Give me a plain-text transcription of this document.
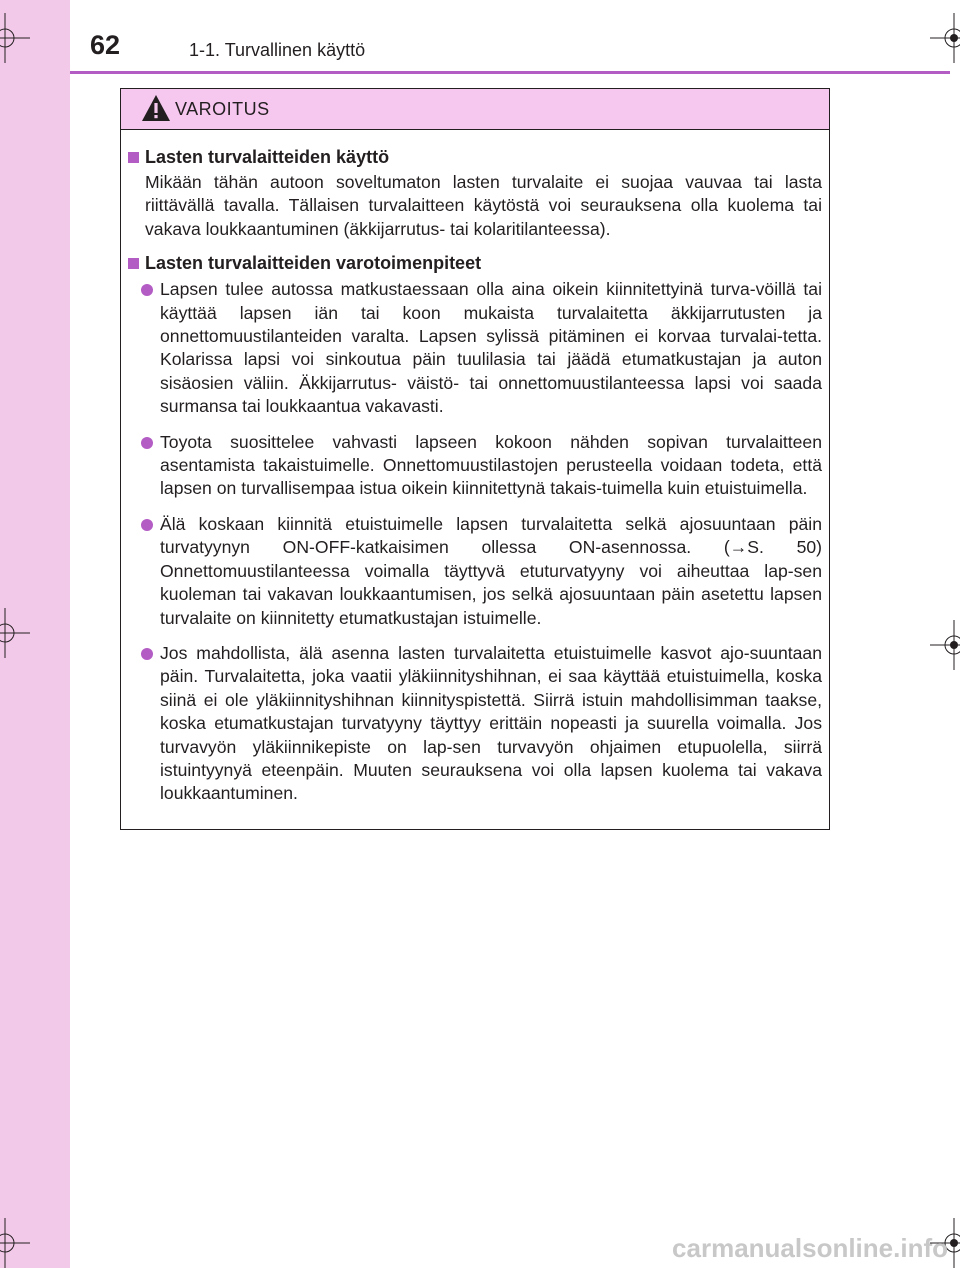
62	1-1. Turvallinen käyttö
VAROITUS

Lasten turvalaitteiden käyttö

Mikään tähän autoon soveltumaton lasten turvalaite ei suojaa vauvaa tai lasta riittävällä tavalla. Tällaisen turvalaitteen käytöstä voi seurauksena olla kuolema tai vakava loukkaantuminen (äkkijarrutus- tai kolaritilanteessa).

Lasten turvalaitteiden varotoimenpiteet

Lapsen tulee autossa matkustaessaan olla aina oikein kiinnitettyinä turva-vöillä tai käyttää lapsen iän tai koon mukaista turvalaitetta äkkijarrutusten ja onnettomuustilanteiden varalta. Lapsen sylissä pitäminen ei korvaa turvalai-tetta. Kolarissa lapsi voi sinkoutua päin tuulilasia tai jäädä etumatkustajan ja auton sisäosien väliin. Äkkijarrutus- väistö- tai onnettomuustilanteessa lapsi voi saada surmansa tai loukkaantua vakavasti.
Toyota suosittelee vahvasti lapseen kokoon nähden sopivan turvalaitteen asentamista takaistuimelle. Onnettomuustilastojen perusteella voidaan todeta, että lapsen on turvallisempaa istua oikein kiinnitettynä takais-tuimella kuin etuistuimella.
Älä koskaan kiinnitä etuistuimelle lapsen turvalaitetta selkä ajosuuntaan päin turvatyynyn ON-OFF-katkaisimen ollessa ON-asennossa. (→S. 50) Onnettomuustilanteessa voimalla täyttyvä etuturvatyyny voi aiheuttaa lap-sen kuoleman tai vakavan loukkaantumisen, jos selkä ajosuuntaan päin asetettu lapsen turvalaite on kiinnitetty etumatkustajan istuimelle.
Jos mahdollista, älä asenna lasten turvalaitetta etuistuimelle kasvot ajo-suuntaan päin. Turvalaitetta, joka vaatii yläkiinnityshihnan, ei saa käyttää etuistuimella, koska siinä ei ole yläkiinnityshihnan kiinnityspistettä. Siirrä istuin mahdollisimman taakse, koska etumatkustajan turvatyyny täyttyy erittäin nopeasti ja suurella voimalla. Jos turvavyön yläkiinnikepiste on lap-sen turvavyön ohjaimen etupuolella, siirrä istuintyynyä eteenpäin. Muuten seurauksena voi olla lapsen kuolema tai vakava loukkaantuminen.
carmanualsonline.info
